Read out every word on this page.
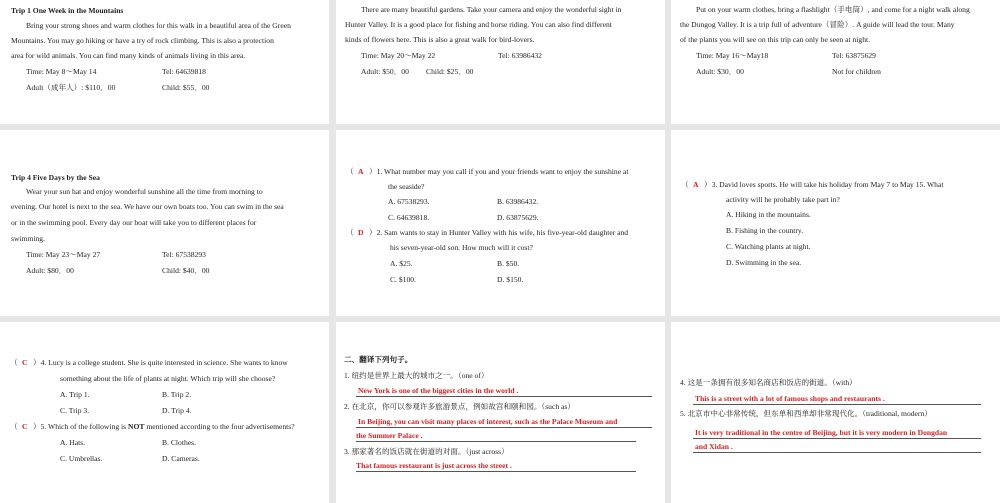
Trip 1 One Week in the Mountains
Bring your strong shoes and warm clothes for this walk in a beautiful area of the Green
Mountains. You may go hiking or have a try of rock climbing. This is also a protection
area for wild animals. You can find many kinds of animals living in this area.
Time: May 8～May 14	Tel: 64639818
Adult（成年人）: $110．00	Child: $55．00
There are many beautiful gardens. Take your camera and enjoy the wonderful sight in
Hunter Valley. It is a good place for fishing and horse riding. You can also find different
kinds of flowers here. This is also a great walk for bird-lovers.
Time: May 20～May 22	Tel: 63986432
Adult: $50．00 Child: $25．00
Put on your warm clothes, bring a flashlight（手电筒）, and come for a night walk along
the Dungog Valley. It is a trip full of adventure（冒险）. A guide will lead the tour. Many
of the plants you will see on this trip can only be seen at night.
Time: May 16～May18	Tel: 63875629
Adult: $30．00	Not for children
Trip 4 Five Days by the Sea
Wear your sun hat and enjoy wonderful sunshine all the time from morning to
evening. Our hotel is next to the sea. We have our own boats too. You can swim in the sea
or in the swimming pool. Every day our boat will take you to different places for
swimming.
Time: May 23～May 27	Tel: 67538293
Adult: $80．00	Child: $40．00
（ A ）1. What number may you call if you and your friends want to enjoy the sunshine at
the seaside?
A. 67538293.	B. 63986432.
C. 64639818.	D. 63875629.
（ D ）2. Sam wants to stay in Hunter Valley with his wife, his five-year-old daughter and
his seven-year-old son. How much will it cost?
A. $25.	B. $50.
C. $100.	D. $150.
（ A ）3. David loves sports. He will take his holiday from May 7 to May 15. What
activity will he probably take part in?
A. Hiking in the mountains.
B. Fishing in the country.
C. Watching plants at night.
D. Swimming in the sea.
（ C ）4. Lucy is a college student. She is quite interested in science. She wants to know
something about the life of plants at night. Which trip will she choose?
A. Trip 1.	B. Trip 2.
C. Trip 3.	D. Trip 4.
（ C ）5. Which of the following is NOT mentioned according to the four advertisements?
A. Hats.	B. Clothes.
C. Umbrellas.	D. Cameras.
二、翻译下列句子。
1. 纽约是世界上最大的城市之一。（one of）
New York is one of the biggest cities in the world .
2. 在北京，你可以参观许多旅游景点，例如故宫和颐和园。（such as）
In Beijing, you can visit many places of interest, such as the Palace Museum and
the Summer Palace .
3. 那家著名的饭店就在街道的对面。（just across）
That famous restaurant is just across the street .
4. 这是一条拥有很多知名商店和饭店的街道。（with）
This is a street with a lot of famous shops and restaurants .
5. 北京市中心非常传统，但东单和西单却非常现代化。（traditional, modern）
It is very traditional in the centre of Beijing, but it is very modern in Dongdan
and Xidan .
